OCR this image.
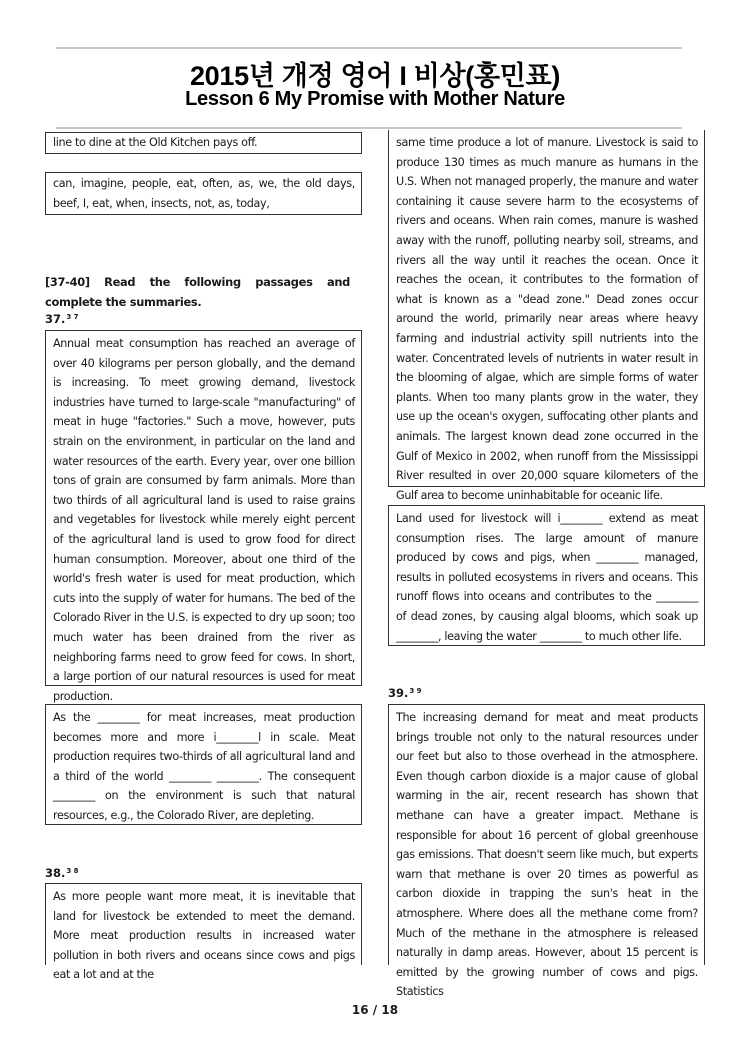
2015년 개정 영어 I 비상(홍민표)
Lesson 6 My Promise with Mother Nature
line to dine at the Old Kitchen pays off.
can, imagine, people, eat, often, as, we, the old days, beef, I, eat, when, insects, not, as, today,
[37-40] Read the following passages and complete the summaries.
37.$^{3 7}$
Annual meat consumption has reached an average of over 40 kilograms per person globally, and the demand is increasing. To meet growing demand, livestock industries have turned to large-scale "manufacturing" of meat in huge "factories." Such a move, however, puts strain on the environment, in particular on the land and water resources of the earth. Every year, over one billion tons of grain are consumed by farm animals. More than two thirds of all agricultural land is used to raise grains and vegetables for livestock while merely eight percent of the agricultural land is used to grow food for direct human consumption. Moreover, about one third of the world's fresh water is used for meat production, which cuts into the supply of water for humans. The bed of the Colorado River in the U.S. is expected to dry up soon; too much water has been drained from the river as neighboring farms need to grow feed for cows. In short, a large portion of our natural resources is used for meat production.
As the ________ for meat increases, meat production becomes more and more i________l in scale. Meat production requires two-thirds of all agricultural land and a third of the world ________ ________. The consequent ________ on the environment is such that natural resources, e.g., the Colorado River, are depleting.
38.$^{3 8}$
As more people want more meat, it is inevitable that land for livestock be extended to meet the demand. More meat production results in increased water pollution in both rivers and oceans since cows and pigs eat a lot and at the
same time produce a lot of manure. Livestock is said to produce 130 times as much manure as humans in the U.S. When not managed properly, the manure and water containing it cause severe harm to the ecosystems of rivers and oceans. When rain comes, manure is washed away with the runoff, polluting nearby soil, streams, and rivers all the way until it reaches the ocean. Once it reaches the ocean, it contributes to the formation of what is known as a "dead zone." Dead zones occur around the world, primarily near areas where heavy farming and industrial activity spill nutrients into the water. Concentrated levels of nutrients in water result in the blooming of algae, which are simple forms of water plants. When too many plants grow in the water, they use up the ocean's oxygen, suffocating other plants and animals. The largest known dead zone occurred in the Gulf of Mexico in 2002, when runoff from the Mississippi River resulted in over 20,000 square kilometers of the Gulf area to become uninhabitable for oceanic life.
Land used for livestock will i________ extend as meat consumption rises. The large amount of manure produced by cows and pigs, when ________ managed, results in polluted ecosystems in rivers and oceans. This runoff flows into oceans and contributes to the ________ of dead zones, by causing algal blooms, which soak up ________, leaving the water ________ to much other life.
39.$^{3 9}$
The increasing demand for meat and meat products brings trouble not only to the natural resources under our feet but also to those overhead in the atmosphere. Even though carbon dioxide is a major cause of global warming in the air, recent research has shown that methane can have a greater impact. Methane is responsible for about 16 percent of global greenhouse gas emissions. That doesn't seem like much, but experts warn that methane is over 20 times as powerful as carbon dioxide in trapping the sun's heat in the atmosphere. Where does all the methane come from? Much of the methane in the atmosphere is released naturally in damp areas. However, about 15 percent is emitted by the growing number of cows and pigs. Statistics
16 / 18
